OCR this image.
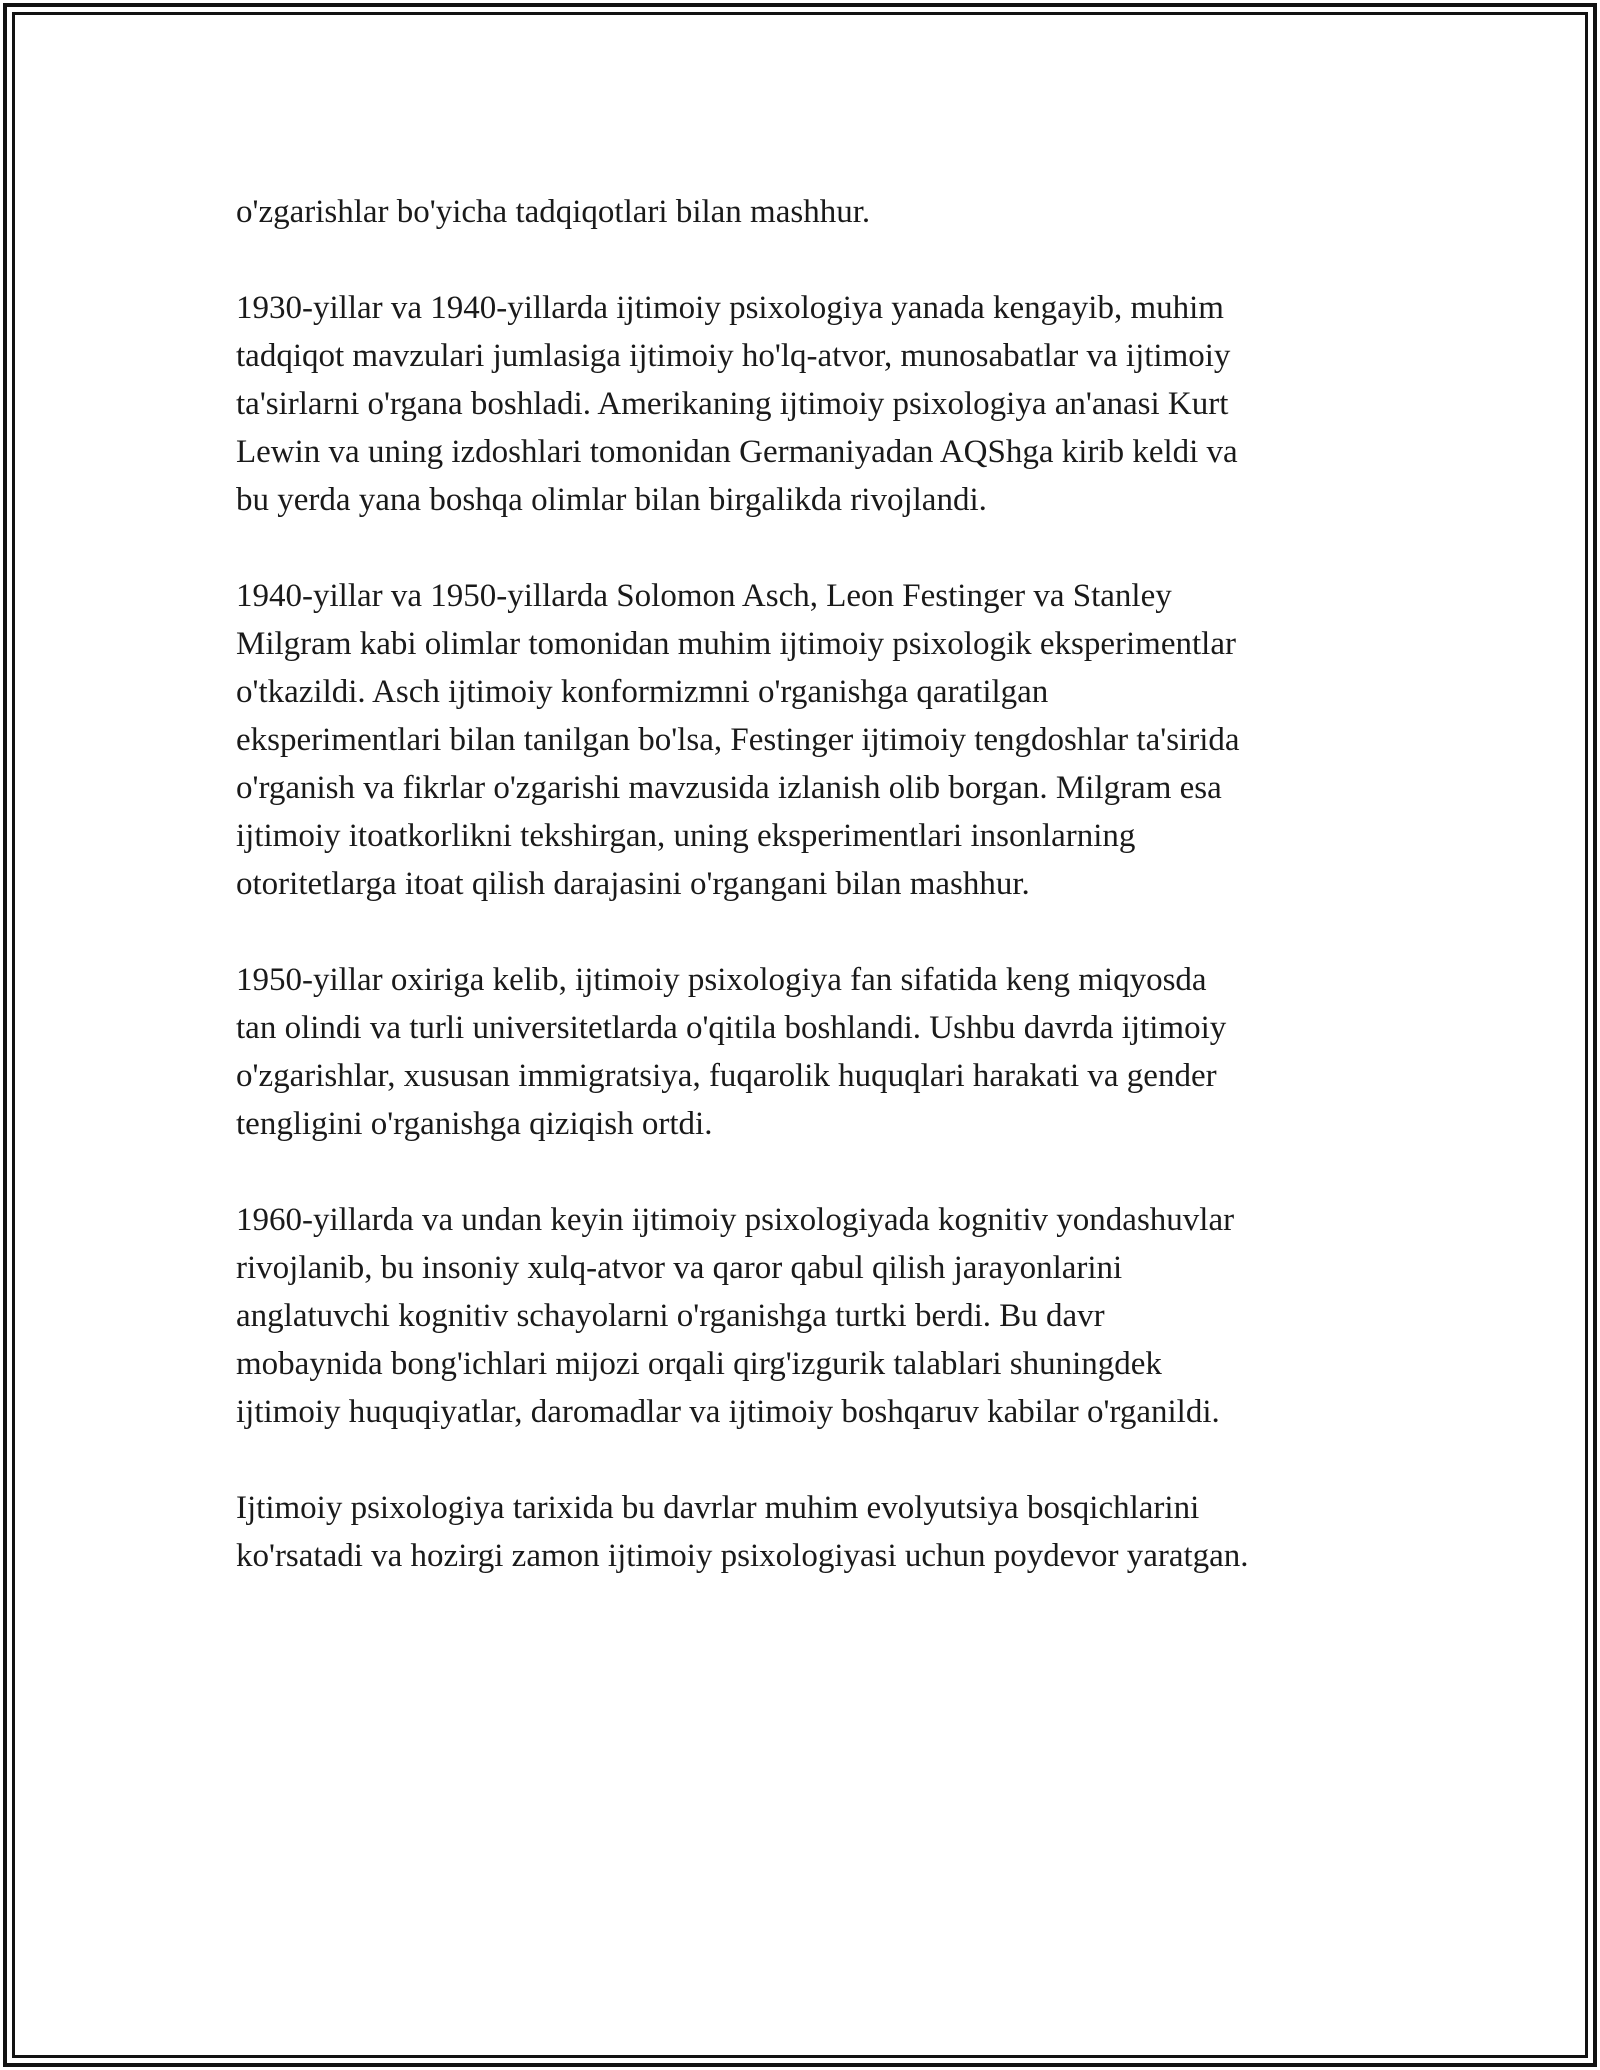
o'zgarishlar bo'yicha tadqiqotlari bilan mashhur.

1930-yillar va 1940-yillarda ijtimoiy psixologiya yanada kengayib, muhim
tadqiqot mavzulari jumlasiga ijtimoiy ho'lq-atvor, munosabatlar va ijtimoiy
ta'sirlarni o'rgana boshladi. Amerikaning ijtimoiy psixologiya an'anasi Kurt
Lewin va uning izdoshlari tomonidan Germaniyadan AQShga kirib keldi va
bu yerda yana boshqa olimlar bilan birgalikda rivojlandi.

1940-yillar va 1950-yillarda Solomon Asch, Leon Festinger va Stanley
Milgram kabi olimlar tomonidan muhim ijtimoiy psixologik eksperimentlar
o'tkazildi. Asch ijtimoiy konformizmni o'rganishga qaratilgan
eksperimentlari bilan tanilgan bo'lsa, Festinger ijtimoiy tengdoshlar ta'sirida
o'rganish va fikrlar o'zgarishi mavzusida izlanish olib borgan. Milgram esa
ijtimoiy itoatkorlikni tekshirgan, uning eksperimentlari insonlarning
otoritetlarga itoat qilish darajasini o'rgangani bilan mashhur.

1950-yillar oxiriga kelib, ijtimoiy psixologiya fan sifatida keng miqyosda
tan olindi va turli universitetlarda o'qitila boshlandi. Ushbu davrda ijtimoiy
o'zgarishlar, xususan immigratsiya, fuqarolik huquqlari harakati va gender
tengligini o'rganishga qiziqish ortdi.

1960-yillarda va undan keyin ijtimoiy psixologiyada kognitiv yondashuvlar
rivojlanib, bu insoniy xulq-atvor va qaror qabul qilish jarayonlarini
anglatuvchi kognitiv schayolarni o'rganishga turtki berdi. Bu davr
mobaynida bong'ichlari mijozi orqali qirg'izgurik talablari shuningdek
ijtimoiy huquqiyatlar, daromadlar va ijtimoiy boshqaruv kabilar o'rganildi.

Ijtimoiy psixologiya tarixida bu davrlar muhim evolyutsiya bosqichlarini
ko'rsatadi va hozirgi zamon ijtimoiy psixologiyasi uchun poydevor yaratgan.
